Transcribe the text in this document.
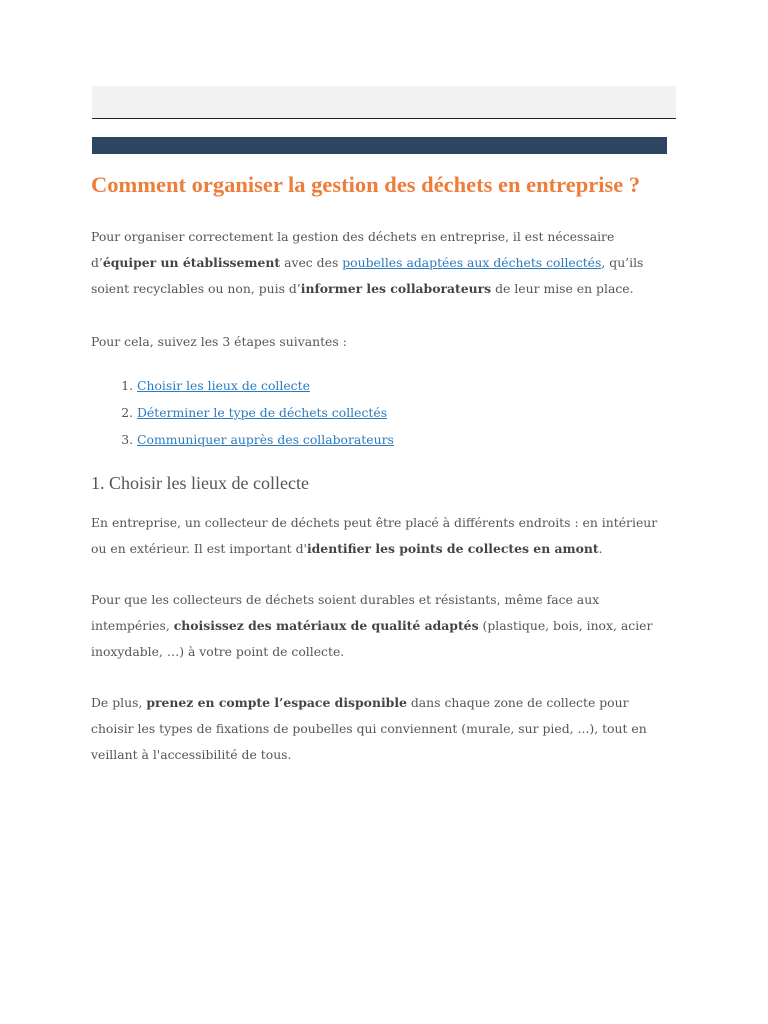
Comment organiser la gestion des déchets en entreprise ?

Pour organiser correctement la gestion des déchets en entreprise, il est nécessaire d’équiper un établissement avec des poubelles adaptées aux déchets collectés, qu’ils soient recyclables ou non, puis d’informer les collaborateurs de leur mise en place.

Pour cela, suivez les 3 étapes suivantes :

1. Choisir les lieux de collecte
2. Déterminer le type de déchets collectés
3. Communiquer auprès des collaborateurs
1. Choisir les lieux de collecte

En entreprise, un collecteur de déchets peut être placé à différents endroits : en intérieur ou en extérieur. Il est important d'identifier les points de collectes en amont.

Pour que les collecteurs de déchets soient durables et résistants, même face aux intempéries, choisissez des matériaux de qualité adaptés (plastique, bois, inox, acier inoxydable, …) à votre point de collecte.

De plus, prenez en compte l’espace disponible dans chaque zone de collecte pour choisir les types de fixations de poubelles qui conviennent (murale, sur pied, ...), tout en veillant à l'accessibilité de tous.
